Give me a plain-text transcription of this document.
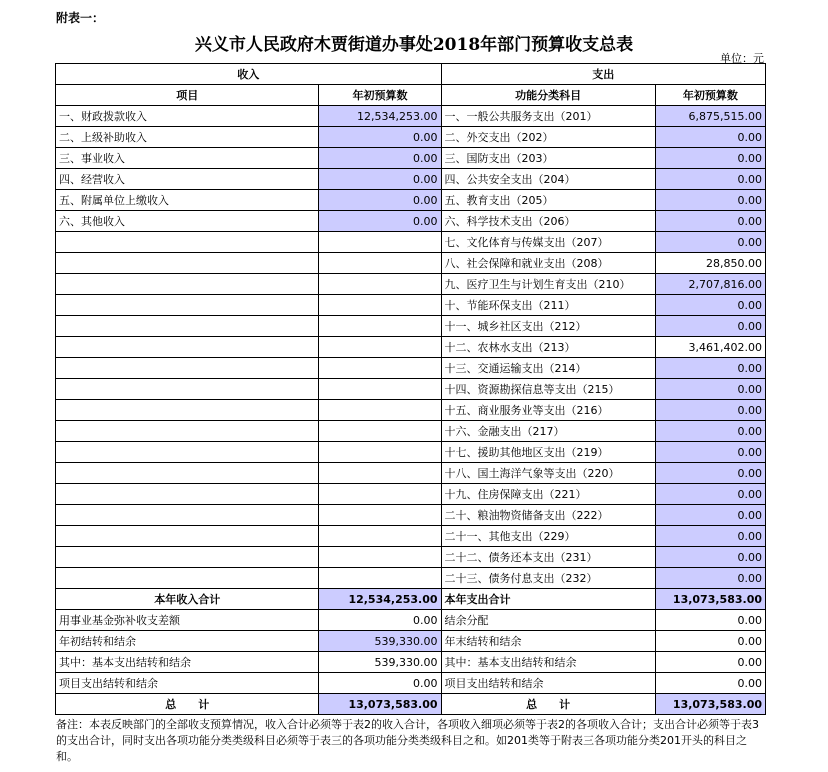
附表一：
兴义市人民政府木贾街道办事处2018年部门预算收支总表
单位：元
收入		支出	
项目	年初预算数	功能分类科目	年初预算数
一、财政拨款收入	12,534,253.00	一、一般公共服务支出（201）	6,875,515.00
二、上级补助收入	0.00	二、外交支出（202）	0.00
三、事业收入	0.00	三、国防支出（203）	0.00
四、经营收入	0.00	四、公共安全支出（204）	0.00
五、附属单位上缴收入	0.00	五、教育支出（205）	0.00
六、其他收入	0.00	六、科学技术支出（206）	0.00
		七、文化体育与传媒支出（207）	0.00
		八、社会保障和就业支出（208）	28,850.00
		九、医疗卫生与计划生育支出（210）	2,707,816.00
		十、节能环保支出（211）	0.00
		十一、城乡社区支出（212）	0.00
		十二、农林水支出（213）	3,461,402.00
		十三、交通运输支出（214）	0.00
		十四、资源勘探信息等支出（215）	0.00
		十五、商业服务业等支出（216）	0.00
		十六、金融支出（217）	0.00
		十七、援助其他地区支出（219）	0.00
		十八、国土海洋气象等支出（220）	0.00
		十九、住房保障支出（221）	0.00
		二十、粮油物资储备支出（222）	0.00
		二十一、其他支出（229）	0.00
		二十二、债务还本支出（231）	0.00
		二十三、债务付息支出（232）	0.00
本年收入合计	12,534,253.00	本年支出合计	13,073,583.00
用事业基金弥补收支差额	0.00	结余分配	0.00
年初结转和结余	539,330.00	年末结转和结余	0.00
其中：基本支出结转和结余	539,330.00	其中：基本支出结转和结余	0.00
项目支出结转和结余	0.00	项目支出结转和结余	0.00
总　　计	13,073,583.00	总　　计	13,073,583.00
备注：本表反映部门的全部收支预算情况，收入合计必须等于表2的收入合计，各项收入细项必须等于表2的各项收入合计；支出合计必须等于表3的支出合计，同时支出各项功能分类类级科目必须等于表三的各项功能分类类级科目之和。如201类等于附表三各项功能分类201开头的科目之和。
